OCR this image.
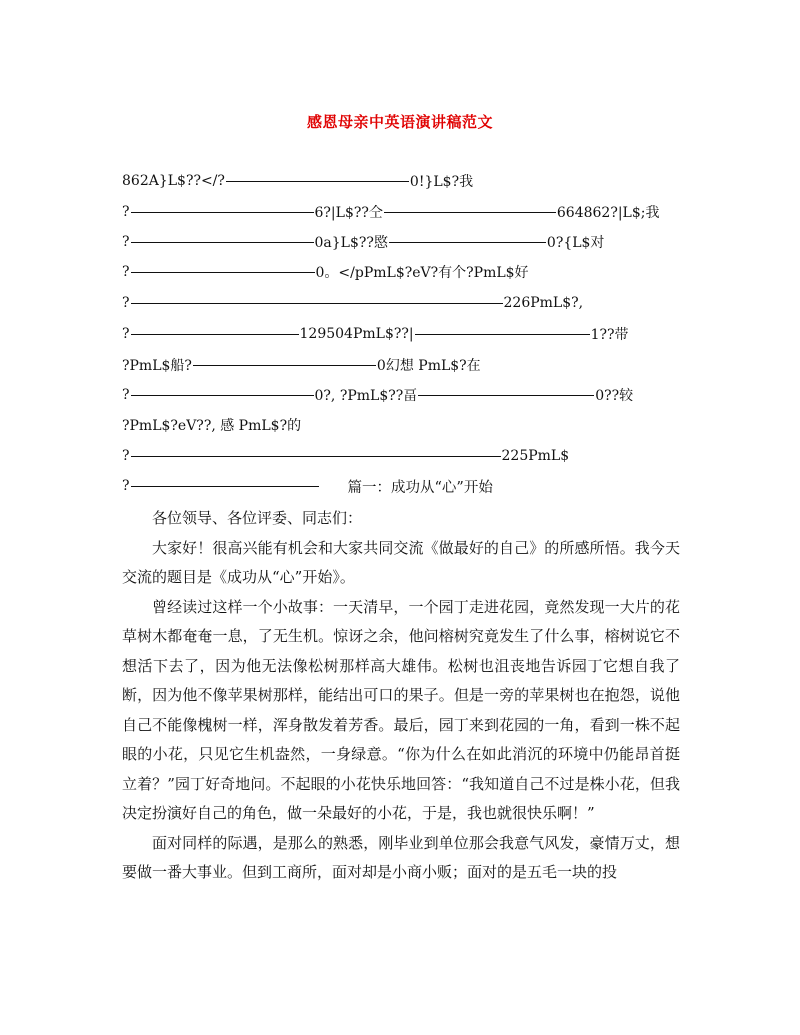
感恩母亲中英语演讲稿范文
862A}L$??</?	0!}L$?我
?	6?|L$??仝	664862?|L$;我
?	0a}L$??愍	0?{L$对
?	0。</pPmL$?eV?有个?PmL$好
?	226PmL$?,
?	129504PmL$??|	1??带
?PmL$船?	0幻想 PmL$?在
?	0?, ?PmL$??畐	0??较
?PmL$?eV??, 感 PmL$?的
?	225PmL$
?	篇一：成功从“心”开始

各位领导、各位评委、同志们：

大家好！很高兴能有机会和大家共同交流《做最好的自己》的所感所悟。我今天交流的题目是《成功从“心”开始》。

曾经读过这样一个小故事：一天清早，一个园丁走进花园，竟然发现一大片的花草树木都奄奄一息，了无生机。惊讶之余，他问榕树究竟发生了什么事，榕树说它不想活下去了，因为他无法像松树那样高大雄伟。松树也沮丧地告诉园丁它想自我了断，因为他不像苹果树那样，能结出可口的果子。但是一旁的苹果树也在抱怨，说他自己不能像槐树一样，浑身散发着芳香。最后，园丁来到花园的一角，看到一株不起眼的小花，只见它生机盎然，一身绿意。“你为什么在如此消沉的环境中仍能昂首挺立着？”园丁好奇地问。不起眼的小花快乐地回答：“我知道自己不过是株小花，但我决定扮演好自己的角色，做一朵最好的小花，于是，我也就很快乐啊！”

面对同样的际遇，是那么的熟悉，刚毕业到单位那会我意气风发，豪情万丈，想要做一番大事业。但到工商所，面对却是小商小贩；面对的是五毛一块的投
